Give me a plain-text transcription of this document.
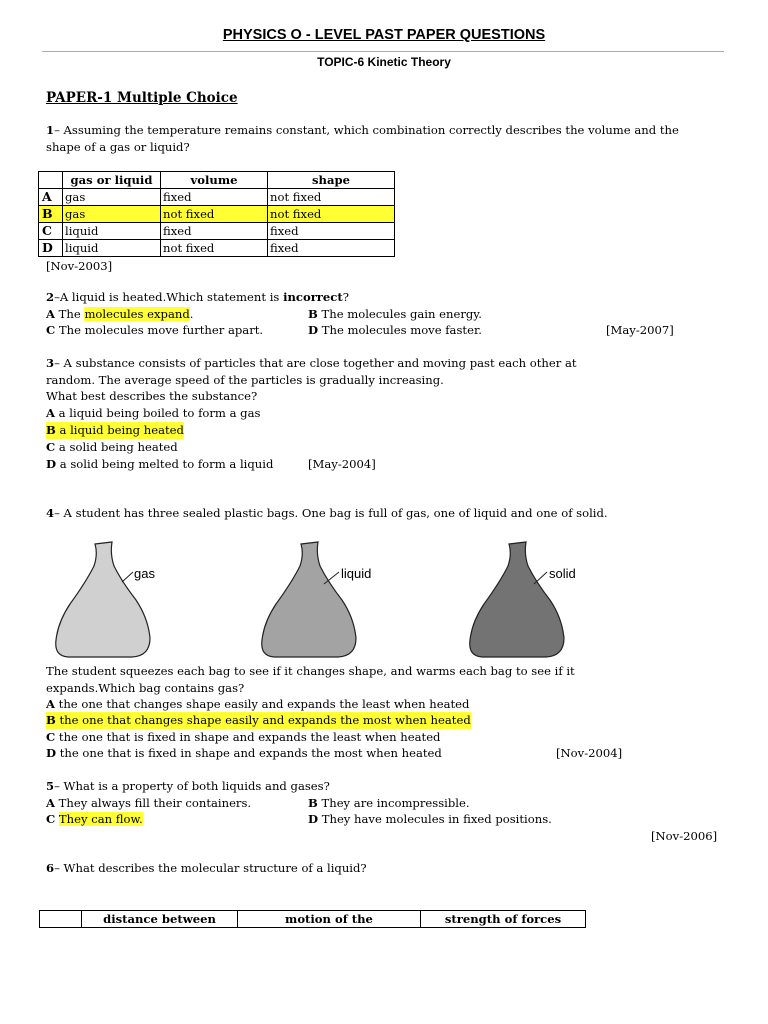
PHYSICS O - LEVEL PAST PAPER QUESTIONS
TOPIC-6 Kinetic Theory
PAPER-1 Multiple Choice
1– Assuming the temperature remains constant, which combination correctly describes the volume and the shape of a gas or liquid?
	gas or liquid	volume	shape
A	gas	fixed	not fixed
B	gas	not fixed	not fixed
C	liquid	fixed	fixed
D	liquid	not fixed	fixed
[Nov-2003]
2–A liquid is heated.Which statement is incorrect?
A The molecules expand.	B The molecules gain energy.
C The molecules move further apart.	D The molecules move faster.	[May-2007]
3– A substance consists of particles that are close together and moving past each other at random. The average speed of the particles is gradually increasing.
What best describes the substance?
A a liquid being boiled to form a gas
B a liquid being heated
C a solid being heated
D a solid being melted to form a liquid	[May-2004]
4– A student has three sealed plastic bags. One bag is full of gas, one of liquid and one of solid.
gas	liquid	solid
The student squeezes each bag to see if it changes shape, and warms each bag to see if it expands.Which bag contains gas?
A the one that changes shape easily and expands the least when heated
B the one that changes shape easily and expands the most when heated
C the one that is fixed in shape and expands the least when heated
D the one that is fixed in shape and expands the most when heated	[Nov-2004]
5– What is a property of both liquids and gases?
A They always fill their containers.	B They are incompressible.
C They can flow.	D They have molecules in fixed positions.
[Nov-2006]
6– What describes the molecular structure of a liquid?
	distance between	motion of the	strength of forces
